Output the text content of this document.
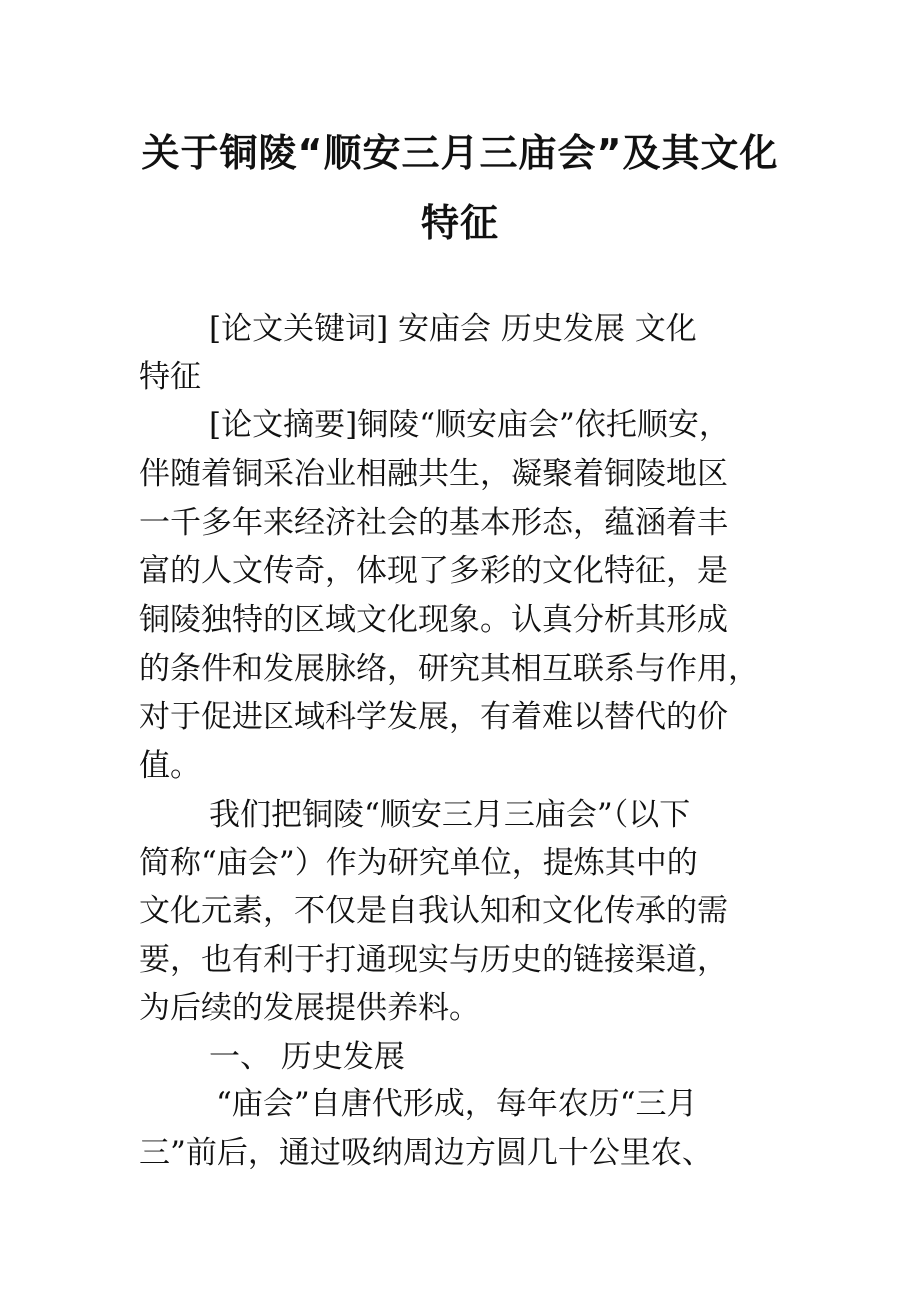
关于铜陵“顺安三月三庙会”及其文化特征

[论文关键词] 安庙会 历史发展 文化

特征

[论文摘要]铜陵“顺安庙会”依托顺安，

伴随着铜采冶业相融共生，凝聚着铜陵地区

一千多年来经济社会的基本形态，蕴涵着丰

富的人文传奇，体现了多彩的文化特征，是

铜陵独特的区域文化现象。认真分析其形成

的条件和发展脉络，研究其相互联系与作用，

对于促进区域科学发展，有着难以替代的价

值。

我们把铜陵“顺安三月三庙会”（以下

简称“庙会”）作为研究单位，提炼其中的

文化元素，不仅是自我认知和文化传承的需

要，也有利于打通现实与历史的链接渠道，

为后续的发展提供养料。

一、 历史发展

“庙会”自唐代形成，每年农历“三月

三”前后，通过吸纳周边方圆几十公里农、
